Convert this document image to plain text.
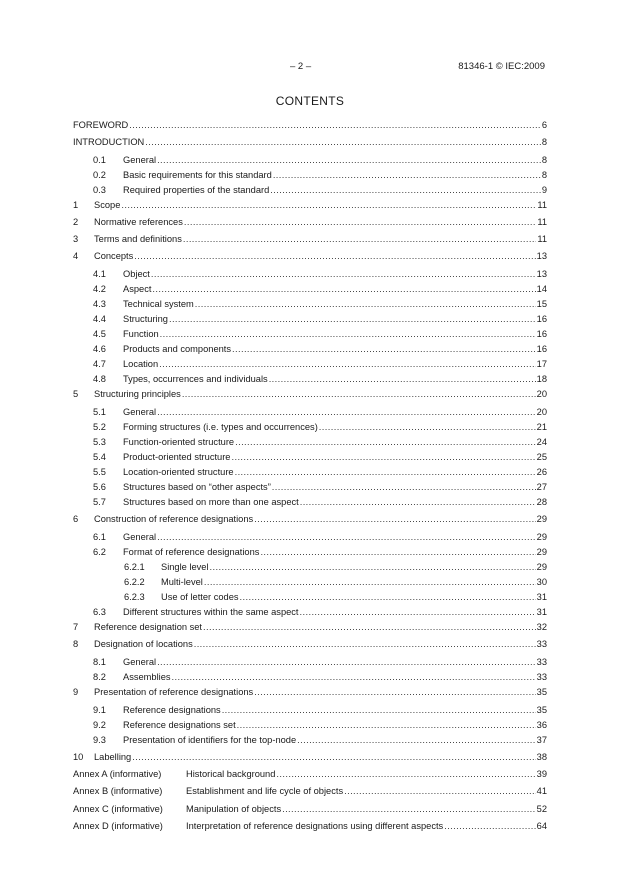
– 2 –	81346-1 © IEC:2009
CONTENTS
FOREWORD .....	6
INTRODUCTION .....	8
0.1	General .....	8
0.2	Basic requirements for this standard .....	8
0.3	Required properties of the standard .....	9
1	Scope .....	11
2	Normative references .....	11
3	Terms and definitions .....	11
4	Concepts .....	13
4.1	Object .....	13
4.2	Aspect .....	14
4.3	Technical system .....	15
4.4	Structuring .....	16
4.5	Function .....	16
4.6	Products and components .....	16
4.7	Location .....	17
4.8	Types, occurrences and individuals .....	18
5	Structuring principles .....	20
5.1	General .....	20
5.2	Forming structures (i.e. types and occurrences) .....	21
5.3	Function-oriented structure .....	24
5.4	Product-oriented structure .....	25
5.5	Location-oriented structure .....	26
5.6	Structures based on “other aspects” .....	27
5.7	Structures based on more than one aspect .....	28
6	Construction of reference designations .....	29
6.1	General .....	29
6.2	Format of reference designations .....	29
6.2.1	Single level .....	29
6.2.2	Multi-level .....	30
6.2.3	Use of letter codes .....	31
6.3	Different structures within the same aspect .....	31
7	Reference designation set .....	32
8	Designation of locations .....	33
8.1	General .....	33
8.2	Assemblies .....	33
9	Presentation of reference designations .....	35
9.1	Reference designations .....	35
9.2	Reference designations set .....	36
9.3	Presentation of identifiers for the top-node .....	37
10	Labelling .....	38
Annex A (informative)	Historical background .....	39
Annex B (informative)	Establishment and life cycle of objects .....	41
Annex C (informative)	Manipulation of objects .....	52
Annex D (informative)	Interpretation of reference designations using different aspects .....	64
